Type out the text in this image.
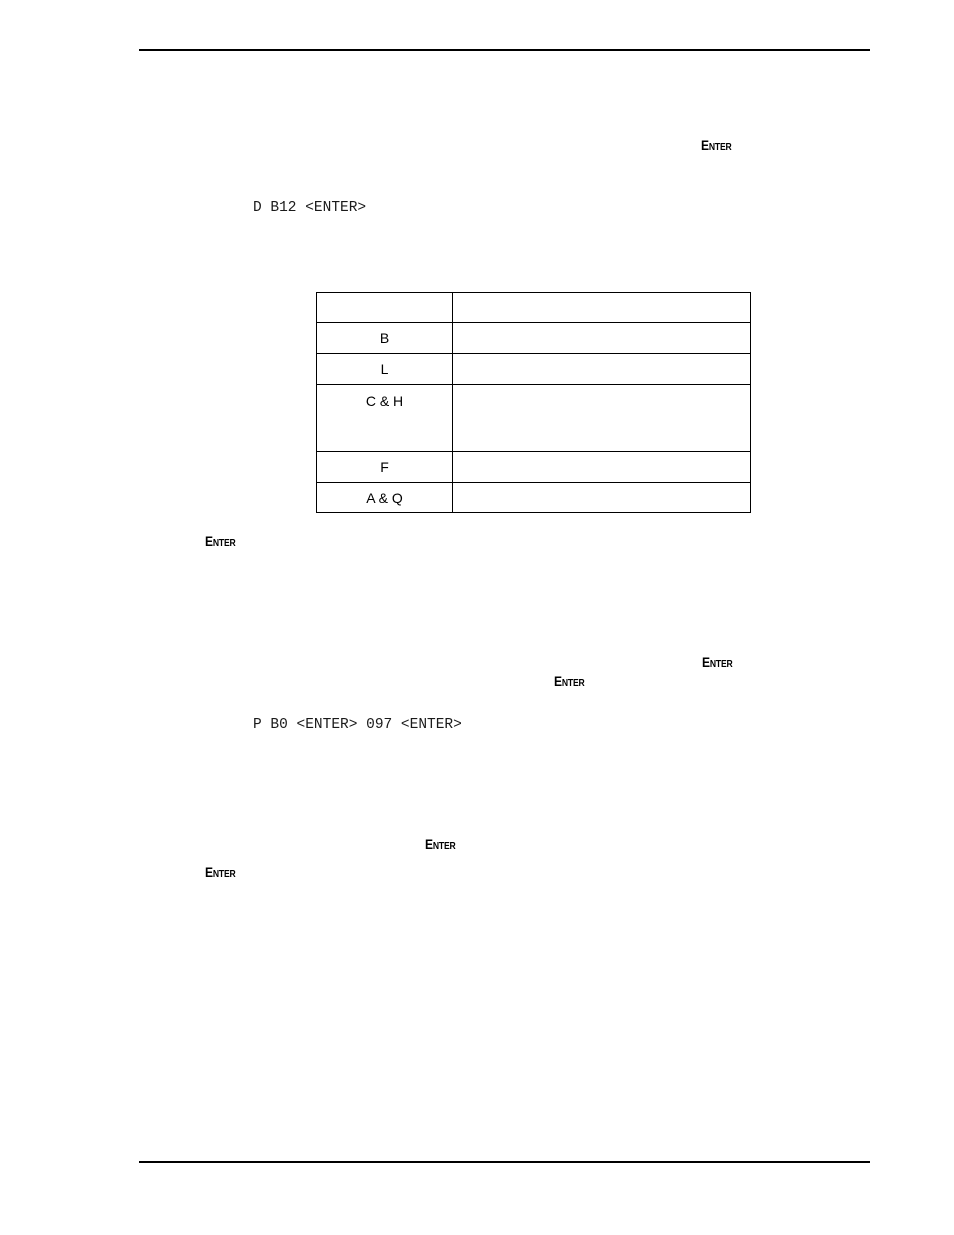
Enter
D B12 <ENTER>

B	
L	
C & H	
F	
A & Q	
Enter
Enter
Enter
P B0 <ENTER> 097 <ENTER>
Enter
Enter
